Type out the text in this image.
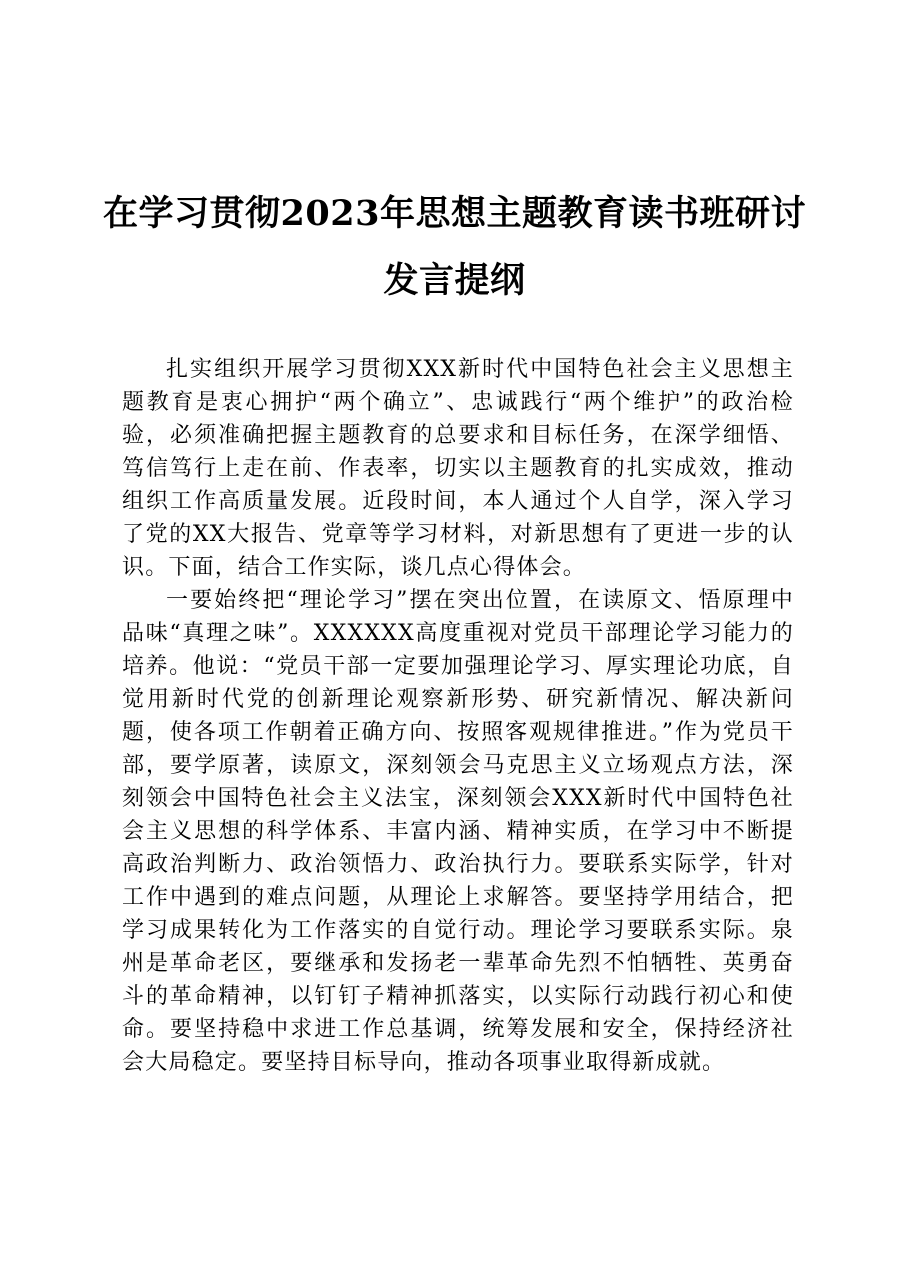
在学习贯彻2023年思想主题教育读书班研讨
发言提纲

扎实组织开展学习贯彻XXX新时代中国特色社会主义思想主题教育是衷心拥护“两个确立”、忠诚践行“两个维护”的政治检验，必须准确把握主题教育的总要求和目标任务，在深学细悟、笃信笃行上走在前、作表率，切实以主题教育的扎实成效，推动组织工作高质量发展。近段时间，本人通过个人自学，深入学习了党的XX大报告、党章等学习材料，对新思想有了更进一步的认识。下面，结合工作实际，谈几点心得体会。

一要始终把“理论学习”摆在突出位置，在读原文、悟原理中品味“真理之味”。XXXXXX高度重视对党员干部理论学习能力的培养。他说：“党员干部一定要加强理论学习、厚实理论功底，自觉用新时代党的创新理论观察新形势、研究新情况、解决新问题，使各项工作朝着正确方向、按照客观规律推进。”作为党员干部，要学原著，读原文，深刻领会马克思主义立场观点方法，深刻领会中国特色社会主义法宝，深刻领会XXX新时代中国特色社会主义思想的科学体系、丰富内涵、精神实质，在学习中不断提高政治判断力、政治领悟力、政治执行力。要联系实际学，针对工作中遇到的难点问题，从理论上求解答。要坚持学用结合，把学习成果转化为工作落实的自觉行动。理论学习要联系实际。泉州是革命老区，要继承和发扬老一辈革命先烈不怕牺牲、英勇奋斗的革命精神，以钉钉子精神抓落实，以实际行动践行初心和使命。要坚持稳中求进工作总基调，统筹发展和安全，保持经济社会大局稳定。要坚持目标导向，推动各项事业取得新成就。
